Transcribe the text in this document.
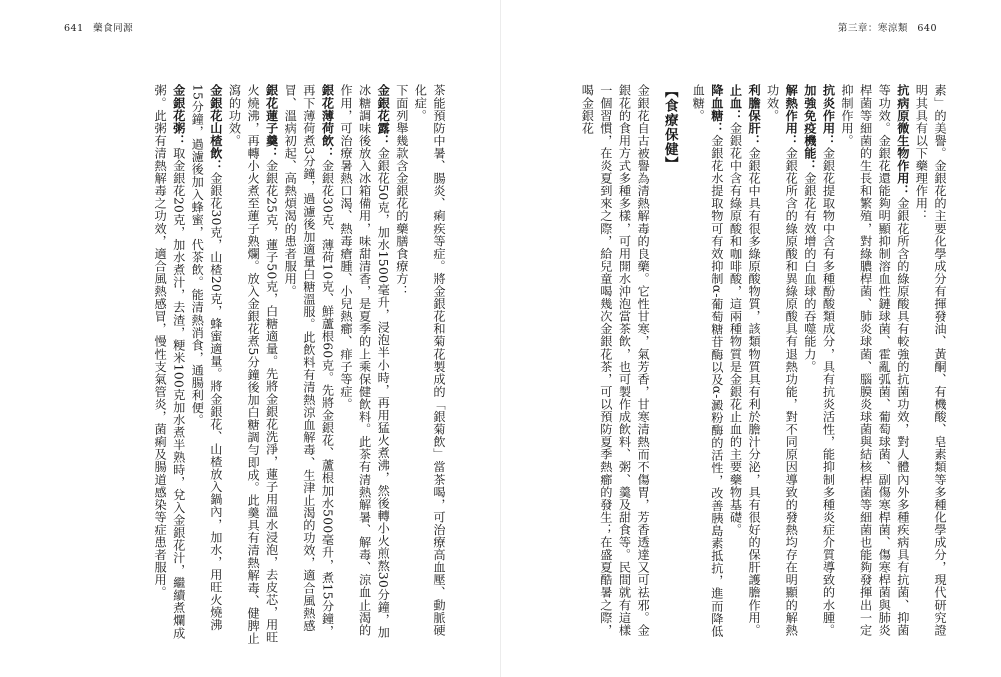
641 藥食同源

茶能預防中暑、腸炎、痢疾等症。將金銀花和菊花製成的「銀菊飲」當茶喝，可治療高血壓、動脈硬化症。

下面列舉幾款含金銀花的藥膳食療方：

金銀花露：金銀花50克，加水1500毫升，浸泡半小時，再用猛火煮沸，然後轉小火煎熬30分鐘，加冰糖調味後放入冰箱備用，味甜清香，是夏季的上乘保健飲料。此茶有清熱解暑、解毒、涼血止渴的作用，可治療暑熱口渴、熱毒瘡腫、小兒熱癤、痱子等症。

銀花薄荷飲：金銀花30克、薄荷10克、鮮蘆根60克。先將金銀花、蘆根加水500毫升，煮15分鐘，再下薄荷煮3分鐘，過濾後加適量白糖溫服。此飲料有清熱涼血解毒、生津止渴的功效，適合風熱感冒、溫病初起、高熱煩渴的患者服用。

銀花蓮子羹：金銀花25克，蓮子50克，白糖適量。先將金銀花洗淨，蓮子用溫水浸泡，去皮芯，用旺火燒沸，再轉小火煮至蓮子熟爛。放入金銀花煮5分鐘後加白糖調勻即成。此羹具有清熱解毒、健脾止瀉的功效。

金銀花山楂飲：金銀花30克，山楂20克，蜂蜜適量。將金銀花、山楂放入鍋內，加水，用旺火燒沸15分鐘，過濾後加入蜂蜜，代茶飲。能清熱消食，通腸利便。

金銀花粥：取金銀花20克，加水煮汁，去渣，粳米100克加水煮半熟時，兌入金銀花汁，繼續煮爛成粥。此粥有清熱解毒之功效，適合風熱感冒，慢性支氣管炎，菌痢及腸道感染等症患者服用。

第三章：寒涼類 640

素」的美譽。金銀花的主要化學成分有揮發油、黃酮、有機酸、皂素類等多種化學成分，現代研究證明其具有以下藥理作用：

抗病原微生物作用：金銀花所含的綠原酸具有較強的抗菌功效，對人體內外多種疾病具有抗菌、抑菌等功效。金銀花還能夠明顯抑制溶血性鏈球菌、霍亂弧菌、葡萄球菌、副傷寒桿菌、傷寒桿菌與肺炎桿菌等細菌的生長和繁殖，對綠膿桿菌、肺炎球菌、腦膜炎球菌與結核桿菌等細菌也能夠發揮出一定抑制作用。

抗炎作用：金銀花提取物中含有多種酚酸類成分，具有抗炎活性，能抑制多種炎症介質導致的水腫。

加強免疫機能：金銀花有效增的白血球的吞噬能力。

解熱作用：金銀花所含的綠原酸和異綠原酸具有退熱功能，對不同原因導致的發熱均存在明顯的解熱功效。

利膽保肝：金銀花中具有很多綠原酸物質，該類物質具有利於膽汁分泌，具有很好的保肝護膽作用。

止血：金銀花中含有綠原酸和咖啡酸，這兩種物質是金銀花止血的主要藥物基礎。

降血糖：金銀花水提取物可有效抑制α-葡萄糖苷酶以及α-澱粉酶的活性，改善胰島素抵抗，進而降低血糖。

【食療保健】

金銀花自古被譽為清熱解毒的良藥。它性甘寒，氣芳香，甘寒清熱而不傷胃，芳香透達又可祛邪。金銀花的食用方式多種多樣，可用開水沖泡當茶飲，也可製作成飲料、粥、羹及甜食等。民間就有這樣一個習慣，在炎夏到來之際，給兒童喝幾次金銀花茶，可以預防夏季熱癤的發生；在盛夏酷暑之際，喝金銀花
